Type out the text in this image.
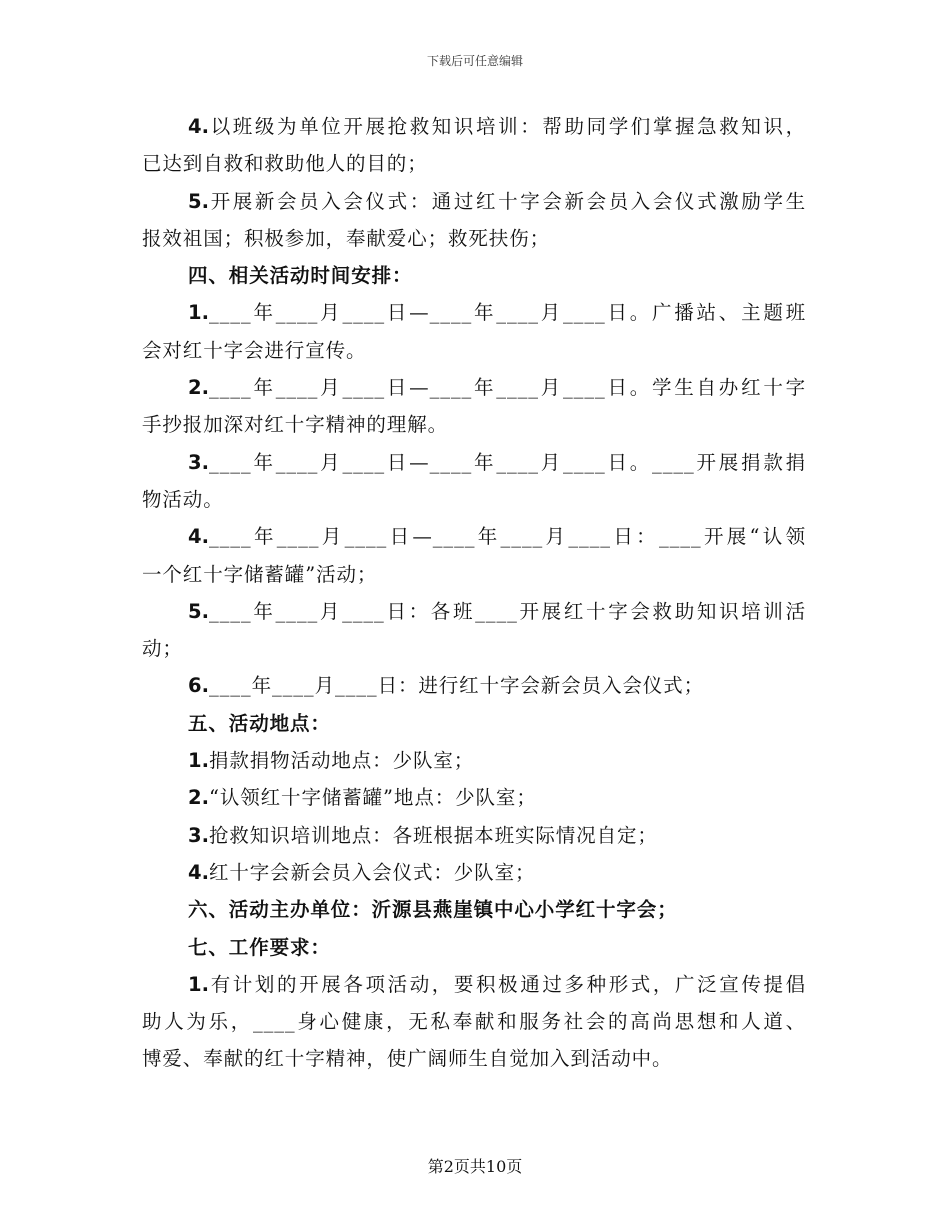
下载后可任意编辑
4.以班级为单位开展抢救知识培训：帮助同学们掌握急救知识，
已达到自救和救助他人的目的；
5.开展新会员入会仪式：通过红十字会新会员入会仪式激励学生
报效祖国；积极参加，奉献爱心；救死扶伤；
四、相关活动时间安排：
1.____年____月____日—____年____月____日。广播站、主题班
会对红十字会进行宣传。
2.____年____月____日—____年____月____日。学生自办红十字
手抄报加深对红十字精神的理解。
3.____年____月____日—____年____月____日。____开展捐款捐
物活动。
4.____年____月____日—____年____月____日：____开展“认领
一个红十字储蓄罐”活动；
5.____年____月____日：各班____开展红十字会救助知识培训活
动；
6.____年____月____日：进行红十字会新会员入会仪式；
五、活动地点：
1.捐款捐物活动地点：少队室；
2.“认领红十字储蓄罐”地点：少队室；
3.抢救知识培训地点：各班根据本班实际情况自定；
4.红十字会新会员入会仪式：少队室；
六、活动主办单位：沂源县燕崖镇中心小学红十字会；
七、工作要求：
1.有计划的开展各项活动，要积极通过多种形式，广泛宣传提倡
助人为乐，____身心健康，无私奉献和服务社会的高尚思想和人道、
博爱、奉献的红十字精神，使广阔师生自觉加入到活动中。
第2页共10页
